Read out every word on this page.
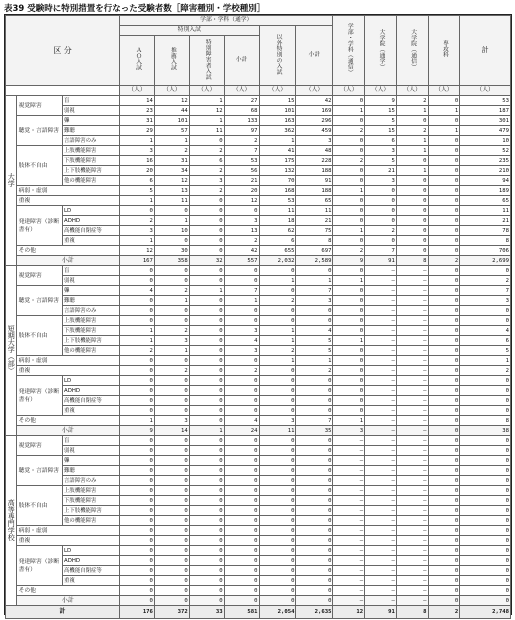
表39 受験時に特別措置を行なった受験者数［障害種別・学校種別］
区 分			学部・学科（通学）						学部・学科（通信）	大学院（通学）	大学院（通信）	専攻科	計
			特別入試				以外特別の入試	小計					
			ＡＯ入試	推薦入試	特別障害者入試	小計							
			（人）	（人）	（人）	（人）	（人）	（人）	（人）	（人）	（人）	（人）	（人）
大学	視覚障害	盲	14	12	1	27	15	42	0	9	2	0	53
		弱視	23	44	12	68	101	169	1	15	1	1	187
	聴覚・言語障害	聾	31	101	1	133	163	296	0	5	0	0	301
		難聴	29	57	11	97	362	459	2	15	2	1	479
		言語障害のみ	1	1	0	2	1	3	0	6	1	0	10
	肢体不自由	上肢機能障害	3	2	2	7	41	48	0	3	1	0	52
		下肢機能障害	16	31	6	53	175	228	2	5	0	0	235
		上下肢機能障害	20	34	2	56	132	188	0	21	1	0	210
		他の機能障害	6	12	3	21	70	91	0	3	0	0	94
	病弱・虚弱		5	13	2	20	168	188	1	0	0	0	189
	重複		1	11	0	12	53	65	0	0	0	0	65
	発達障害（診断書有）	LD	0	0	0	0	11	11	0	0	0	0	11
		ADHD	2	1	0	3	18	21	0	0	0	0	21
		高機能自閉症等	3	10	0	13	62	75	1	2	0	0	78
		重複	1	0	0	2	6	8	0	0	0	0	8
	その他		12	30	0	42	655	697	2	7	0	0	706
	小計		167	358	32	557	2,032	2,589	9	91	8	2	2,699
短期大学（部）	視覚障害	盲	0	0	0	0	0	0	0	—	—	0	0
		弱視	0	0	0	0	1	1	1	—	—	0	2
	聴覚・言語障害	聾	4	2	1	7	0	7	0	—	—	0	7
		難聴	0	1	0	1	2	3	0	—	—	0	3
		言語障害のみ	0	0	0	0	0	0	0	—	—	0	0
	肢体不自由	上肢機能障害	0	0	0	0	0	0	0	—	—	0	0
		下肢機能障害	1	2	0	3	1	4	0	—	—	0	4
		上下肢機能障害	1	3	0	4	1	5	1	—	—	0	6
		他の機能障害	2	1	0	3	2	5	0	—	—	0	5
	病弱・虚弱		0	0	0	0	1	1	0	—	—	0	1
	重複		0	2	0	2	0	2	0	—	—	0	2
	発達障害（診断書有）	LD	0	0	0	0	0	0	0	—	—	0	0
		ADHD	0	0	0	0	0	0	0	—	—	0	0
		高機能自閉症等	0	0	0	0	0	0	0	—	—	0	0
		重複	0	0	0	0	0	0	0	—	—	0	0
	その他		1	3	0	4	3	7	1	—	—	0	8
	小計		9	14	1	24	11	35	3	—	—	0	38
高等専門学校	視覚障害	盲	0	0	0	0	0	0	—	—	—	0	0
		弱視	0	0	0	0	0	0	—	—	—	0	0
	聴覚・言語障害	聾	0	0	0	0	0	0	—	—	—	0	0
		難聴	0	0	0	0	0	0	—	—	—	0	0
		言語障害のみ	0	0	0	0	0	0	—	—	—	0	0
	肢体不自由	上肢機能障害	0	0	0	0	0	0	—	—	—	0	0
		下肢機能障害	0	0	0	0	0	0	—	—	—	0	0
		上下肢機能障害	0	0	0	0	0	0	—	—	—	0	0
		他の機能障害	0	0	0	0	0	0	—	—	—	0	0
	病弱・虚弱		0	0	0	0	0	0	—	—	—	0	0
	重複		0	0	0	0	0	0	—	—	—	0	0
	発達障害（診断書有）	LD	0	0	0	0	0	0	—	—	—	0	0
		ADHD	0	0	0	0	0	0	—	—	—	0	0
		高機能自閉症等	0	0	0	0	0	0	—	—	—	0	0
		重複	0	0	0	0	0	0	—	—	—	0	0
	その他		0	0	0	0	0	0	—	—	—	0	0
	小計		0	0	0	0	0	0	—	—	—	0	0
計			176	372	33	581	2,054	2,635	12	91	8	2	2,748
